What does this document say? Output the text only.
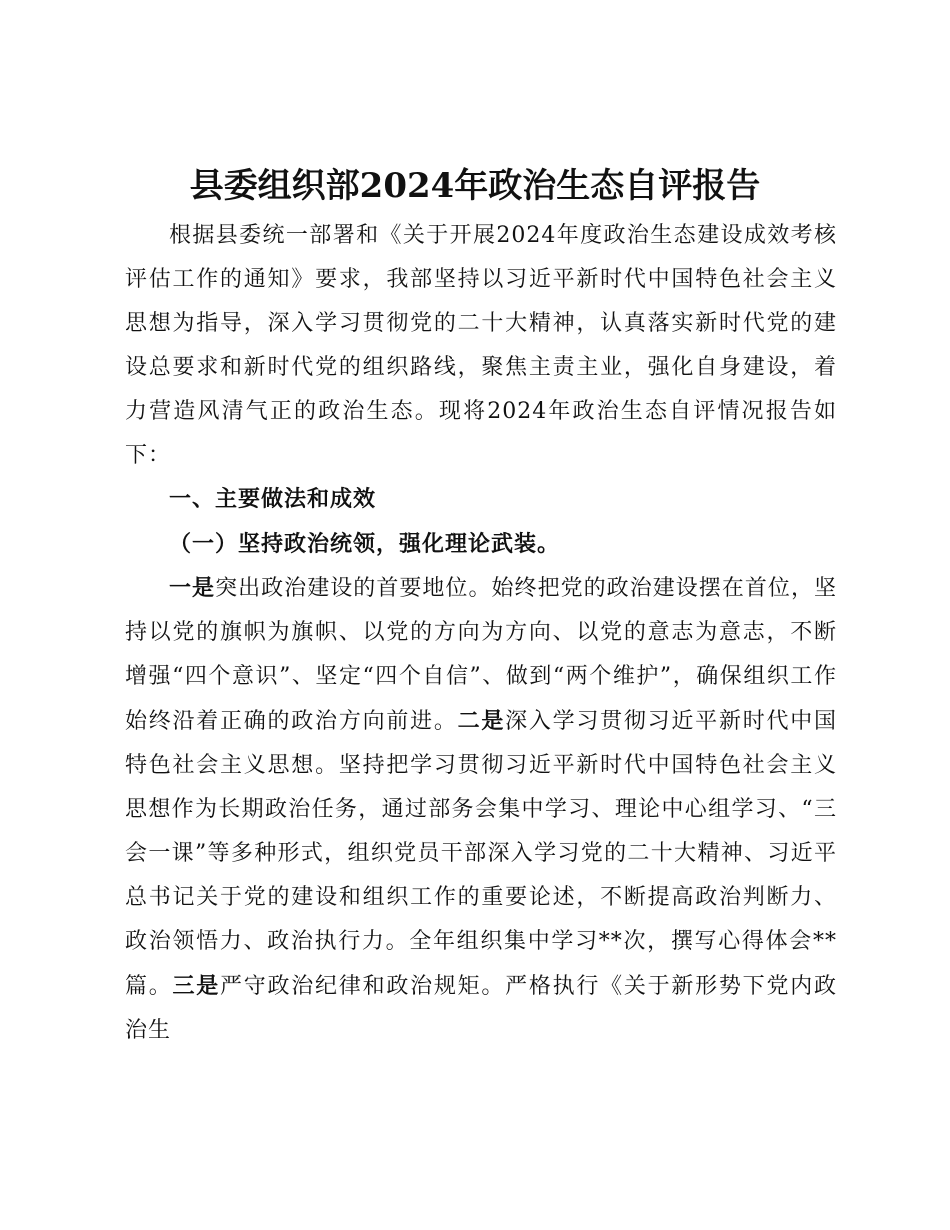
县委组织部2024年政治生态自评报告

根据县委统一部署和《关于开展2024年度政治生态建设成效考核评估工作的通知》要求，我部坚持以习近平新时代中国特色社会主义思想为指导，深入学习贯彻党的二十大精神，认真落实新时代党的建设总要求和新时代党的组织路线，聚焦主责主业，强化自身建设，着力营造风清气正的政治生态。现将2024年政治生态自评情况报告如下：

一、主要做法和成效

（一）坚持政治统领，强化理论武装。

一是突出政治建设的首要地位。始终把党的政治建设摆在首位，坚持以党的旗帜为旗帜、以党的方向为方向、以党的意志为意志，不断增强“四个意识”、坚定“四个自信”、做到“两个维护”，确保组织工作始终沿着正确的政治方向前进。二是深入学习贯彻习近平新时代中国特色社会主义思想。坚持把学习贯彻习近平新时代中国特色社会主义思想作为长期政治任务，通过部务会集中学习、理论中心组学习、“三会一课”等多种形式，组织党员干部深入学习党的二十大精神、习近平总书记关于党的建设和组织工作的重要论述，不断提高政治判断力、政治领悟力、政治执行力。全年组织集中学习**次，撰写心得体会**篇。三是严守政治纪律和政治规矩。严格执行《关于新形势下党内政治生
